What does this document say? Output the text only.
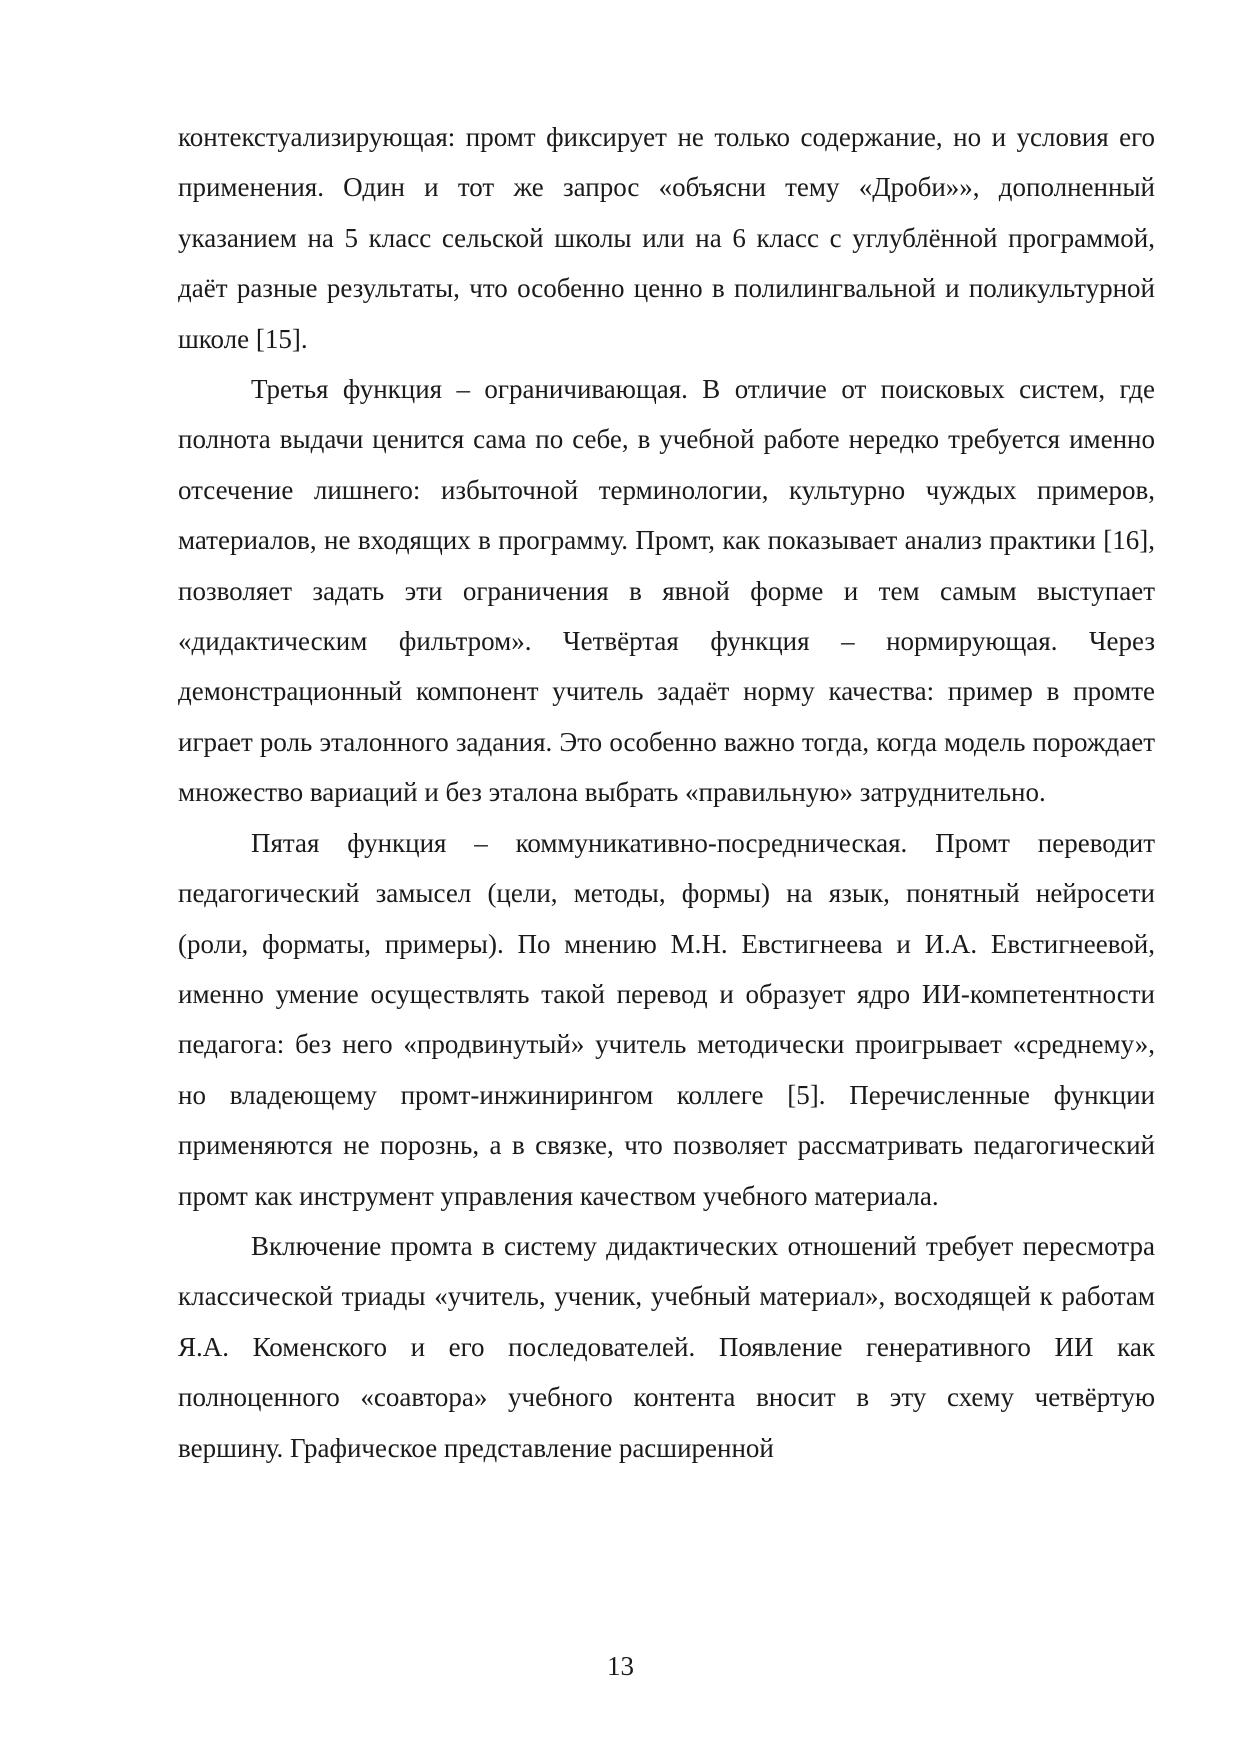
контекстуализирующая: промт фиксирует не только содержание, но и условия его применения. Один и тот же запрос «объясни тему «Дроби»», дополненный указанием на 5 класс сельской школы или на 6 класс с углублённой программой, даёт разные результаты, что особенно ценно в полилингвальной и поликультурной школе [15].

Третья функция – ограничивающая. В отличие от поисковых систем, где полнота выдачи ценится сама по себе, в учебной работе нередко требуется именно отсечение лишнего: избыточной терминологии, культурно чуждых примеров, материалов, не входящих в программу. Промт, как показывает анализ практики [16], позволяет задать эти ограничения в явной форме и тем самым выступает «дидактическим фильтром». Четвёртая функция – нормирующая. Через демонстрационный компонент учитель задаёт норму качества: пример в промте играет роль эталонного задания. Это особенно важно тогда, когда модель порождает множество вариаций и без эталона выбрать «правильную» затруднительно.

Пятая функция – коммуникативно-посредническая. Промт переводит педагогический замысел (цели, методы, формы) на язык, понятный нейросети (роли, форматы, примеры). По мнению М.Н. Евстигнеева и И.А. Евстигнеевой, именно умение осуществлять такой перевод и образует ядро ИИ-компетентности педагога: без него «продвинутый» учитель методически проигрывает «среднему», но владеющему промт-инжинирингом коллеге [5]. Перечисленные функции применяются не порознь, а в связке, что позволяет рассматривать педагогический промт как инструмент управления качеством учебного материала.

Включение промта в систему дидактических отношений требует пересмотра классической триады «учитель, ученик, учебный материал», восходящей к работам Я.А. Коменского и его последователей. Появление генеративного ИИ как полноценного «соавтора» учебного контента вносит в эту схему четвёртую вершину. Графическое представление расширенной

13
